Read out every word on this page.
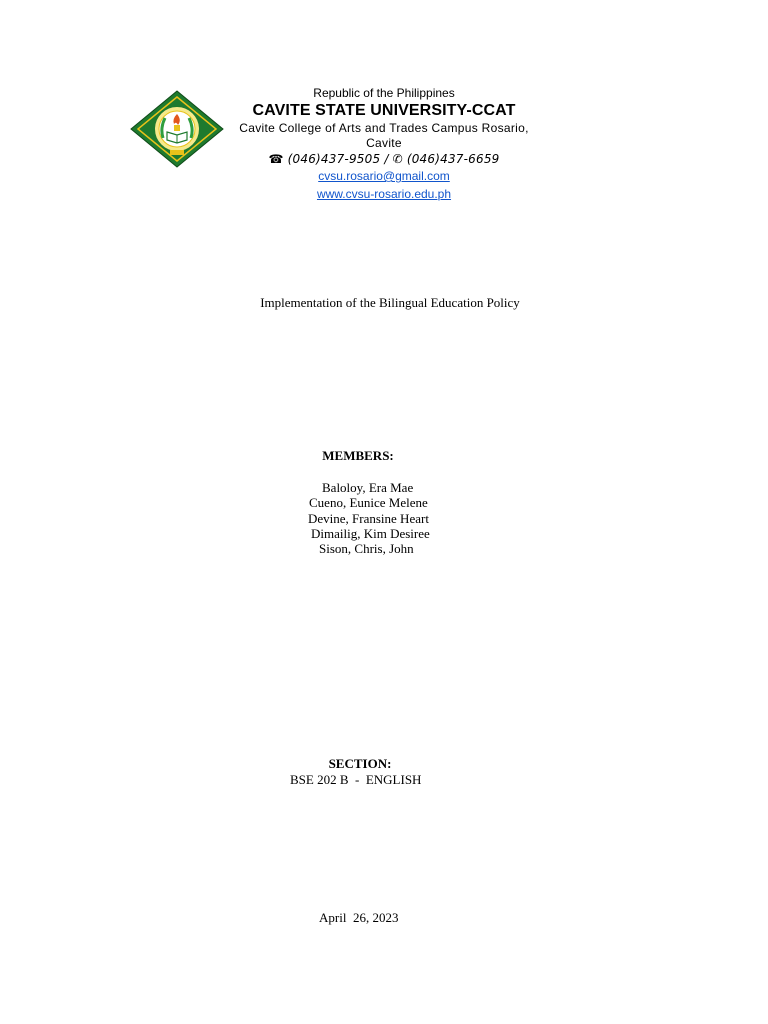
Republic of the Philippines
CAVITE STATE UNIVERSITY-CCAT
Cavite College of Arts and Trades Campus Rosario,
Cavite
☎ (046)437-9505 / ✆ (046)437-6659
cvsu.rosario@gmail.com
www.cvsu-rosario.edu.ph
Implementation of the Bilingual Education Policy
MEMBERS:
Baloloy, Era Mae
Cueno, Eunice Melene
Devine, Fransine Heart
Dimailig, Kim Desiree
Sison, Chris, John
SECTION:
BSE 202 B  -  ENGLISH
April  26, 2023
